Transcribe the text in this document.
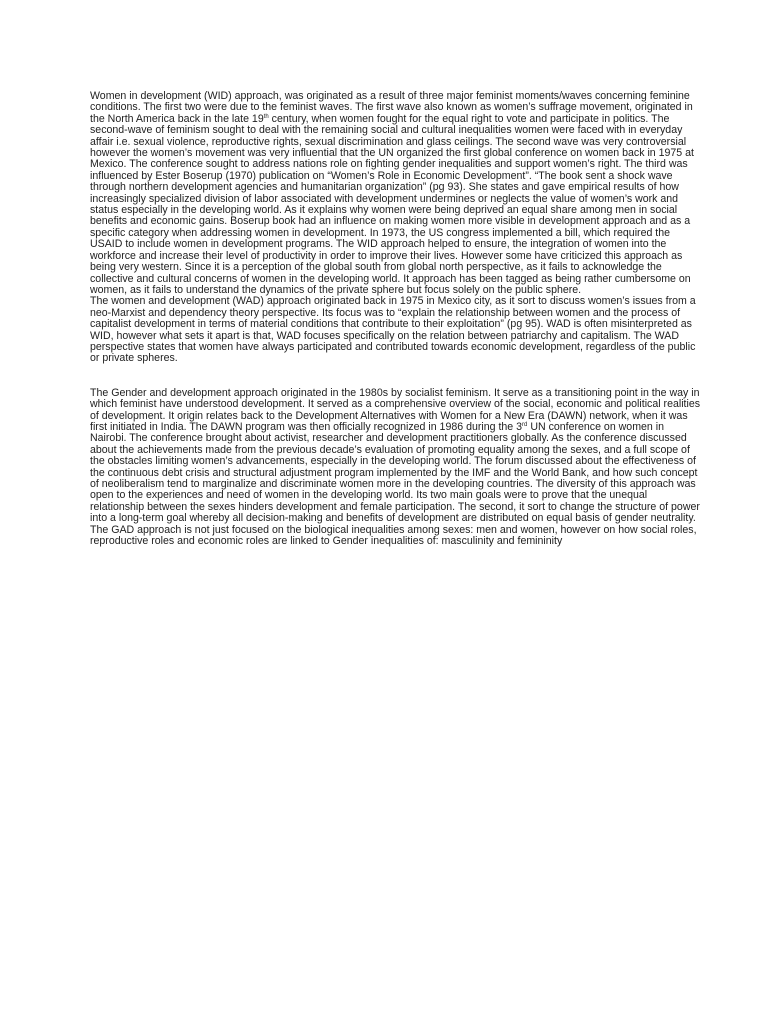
Women in development (WID) approach, was originated as a result of three major feminist moments/waves concerning feminine conditions. The first two were due to the feminist waves. The first wave also known as women’s suffrage movement, originated in the North America back in the late 19th century, when women fought for the equal right to vote and participate in politics. The second-wave of feminism sought to deal with the remaining social and cultural inequalities women were faced with in everyday affair i.e. sexual violence, reproductive rights, sexual discrimination and glass ceilings. The second wave was very controversial however the women’s movement was very influential that the UN organized the first global conference on women back in 1975 at Mexico. The conference sought to address nations role on fighting gender inequalities and support women’s right. The third was influenced by Ester Boserup (1970) publication on “Women’s Role in Economic Development”. “The book sent a shock wave through northern development agencies and humanitarian organization” (pg 93). She states and gave empirical results of how increasingly specialized division of labor associated with development undermines or neglects the value of women’s work and status especially in the developing world. As it explains why women were being deprived an equal share among men in social benefits and economic gains. Boserup book had an influence on making women more visible in development approach and as a specific category when addressing women in development. In 1973, the US congress implemented a bill, which required the USAID to include women in development programs. The WID approach helped to ensure, the integration of women into the workforce and increase their level of productivity in order to improve their lives. However some have criticized this approach as being very western. Since it is a perception of the global south from global north perspective, as it fails to acknowledge the collective and cultural concerns of women in the developing world. It approach has been tagged as being rather cumbersome on women, as it fails to understand the dynamics of the private sphere but focus solely on the public sphere.

The women and development (WAD) approach originated back in 1975 in Mexico city, as it sort to discuss women’s issues from a neo-Marxist and dependency theory perspective. Its focus was to “explain the relationship between women and the process of capitalist development in terms of material conditions that contribute to their exploitation” (pg 95). WAD is often misinterpreted as WID, however what sets it apart is that, WAD focuses specifically on the relation between patriarchy and capitalism. The WAD perspective states that women have always participated and contributed towards economic development, regardless of the public or private spheres.

The Gender and development approach originated in the 1980s by socialist feminism. It serve as a transitioning point in the way in which feminist have understood development. It served as a comprehensive overview of the social, economic and political realities of development. It origin relates back to the Development Alternatives with Women for a New Era (DAWN) network, when it was first initiated in India. The DAWN program was then officially recognized in 1986 during the 3rd UN conference on women in Nairobi. The conference brought about activist, researcher and development practitioners globally. As the conference discussed about the achievements made from the previous decade’s evaluation of promoting equality among the sexes, and a full scope of the obstacles limiting women’s advancements, especially in the developing world. The forum discussed about the effectiveness of the continuous debt crisis and structural adjustment program implemented by the IMF and the World Bank, and how such concept of neoliberalism tend to marginalize and discriminate women more in the developing countries. The diversity of this approach was open to the experiences and need of women in the developing world. Its two main goals were to prove that the unequal relationship between the sexes hinders development and female participation. The second, it sort to change the structure of power into a long-term goal whereby all decision-making and benefits of development are distributed on equal basis of gender neutrality. The GAD approach is not just focused on the biological inequalities among sexes: men and women, however on how social roles, reproductive roles and economic roles are linked to Gender inequalities of: masculinity and femininity
